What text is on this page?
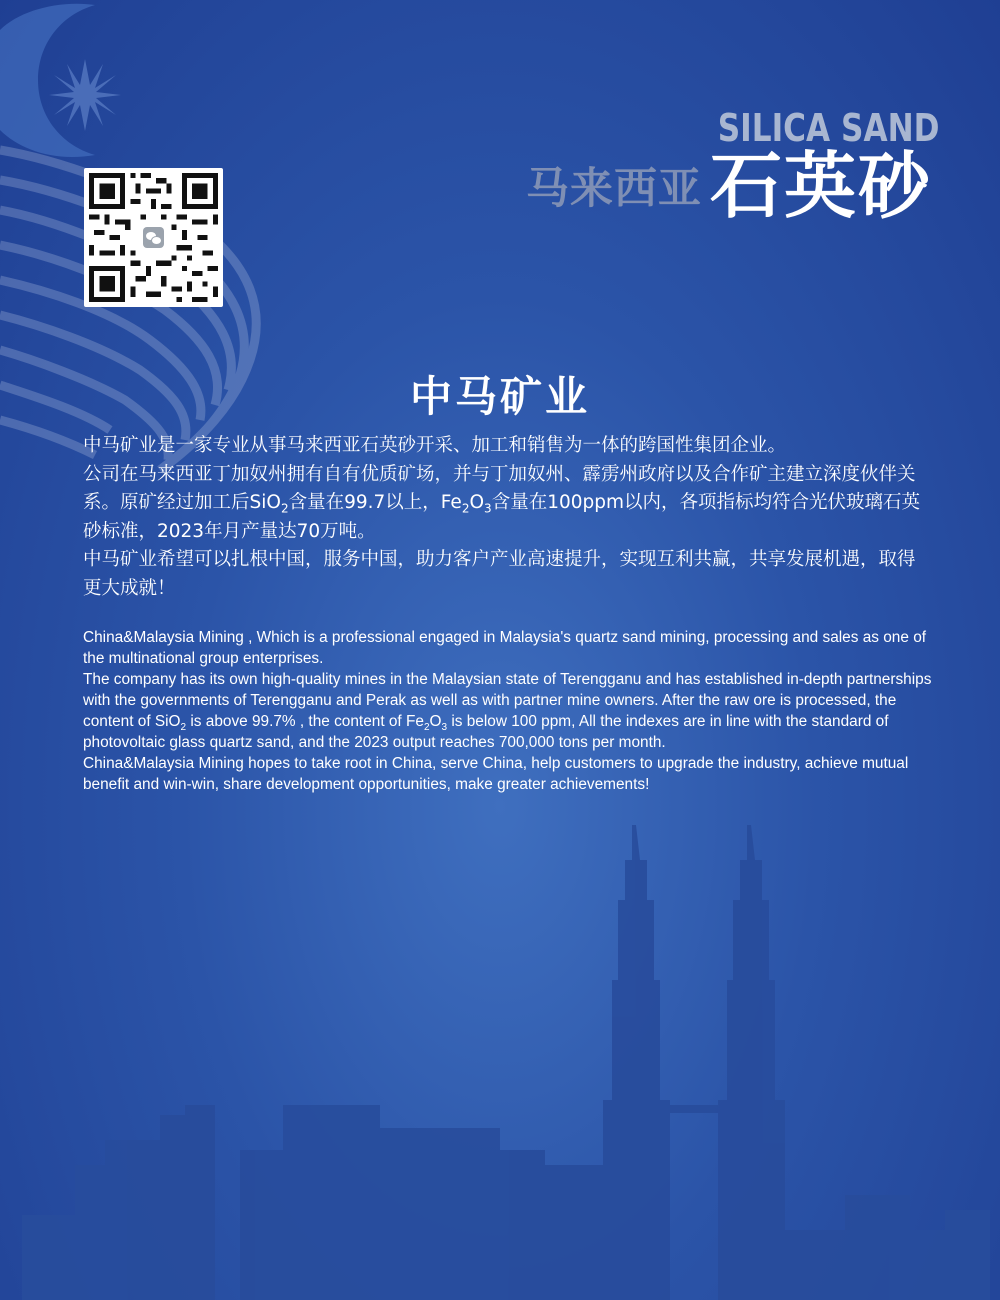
SILICA SAND
马来西亚 石英砂
中马矿业

中马矿业是一家专业从事马来西亚石英砂开采、加工和销售为一体的跨国性集团企业。

公司在马来西亚丁加奴州拥有自有优质矿场，并与丁加奴州、霹雳州政府以及合作矿主建立深度伙伴关系。原矿经过加工后SiO$_2$含量在99.7以上，$Fe_2O_3$含量在100ppm以内，各项指标均符合光伏玻璃石英砂标准，2023年月产量达70万吨。

中马矿业希望可以扎根中国，服务中国，助力客户产业高速提升，实现互利共赢，共享发展机遇，取得更大成就！

China&Malaysia Mining , Which is a professional engaged in Malaysia's quartz sand mining, processing and sales as one of the multinational group enterprises.

The company has its own high-quality mines in the Malaysian state of Terengganu and has established in-depth partnerships with the governments of Terengganu and Perak as well as with partner mine owners. After the raw ore is processed, the content of SiO$_2$ is above 99.7% , the content of $Fe_2O_3$ is below 100 ppm, All the indexes are in line with the standard of photovoltaic glass quartz sand, and the 2023 output reaches 700,000 tons per month.

China&Malaysia Mining hopes to take root in China, serve China, help customers to upgrade the industry, achieve mutual benefit and win-win, share development opportunities, make greater achievements!
